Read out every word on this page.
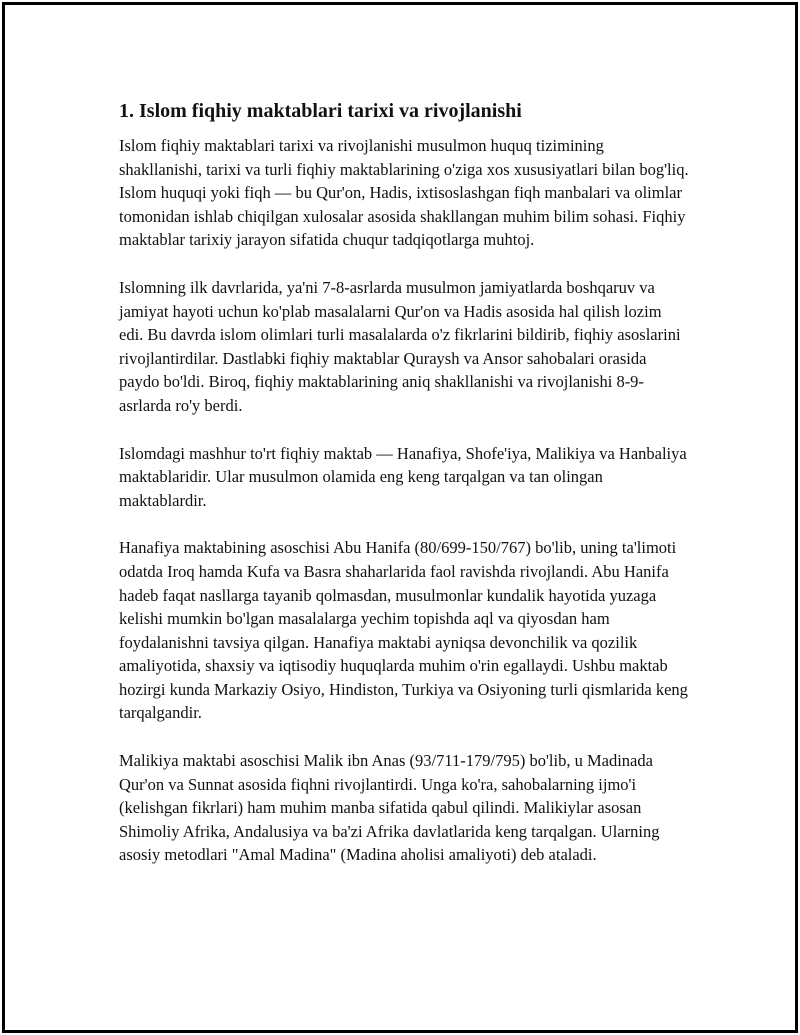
1. Islom fiqhiy maktablari tarixi va rivojlanishi

Islom fiqhiy maktablari tarixi va rivojlanishi musulmon huquq tizimining shakllanishi, tarixi va turli fiqhiy maktablarining o'ziga xos xususiyatlari bilan bog'liq. Islom huquqi yoki fiqh — bu Qur'on, Hadis, ixtisoslashgan fiqh manbalari va olimlar tomonidan ishlab chiqilgan xulosalar asosida shakllangan muhim bilim sohasi. Fiqhiy maktablar tarixiy jarayon sifatida chuqur tadqiqotlarga muhtoj.

Islomning ilk davrlarida, ya'ni 7-8-asrlarda musulmon jamiyatlarda boshqaruv va jamiyat hayoti uchun ko'plab masalalarni Qur'on va Hadis asosida hal qilish lozim edi. Bu davrda islom olimlari turli masalalarda o'z fikrlarini bildirib, fiqhiy asoslarini rivojlantirdilar. Dastlabki fiqhiy maktablar Quraysh va Ansor sahobalari orasida paydo bo'ldi. Biroq, fiqhiy maktablarining aniq shakllanishi va rivojlanishi 8-9-asrlarda ro'y berdi.

Islomdagi mashhur to'rt fiqhiy maktab — Hanafiya, Shofe'iya, Malikiya va Hanbaliya maktablaridir. Ular musulmon olamida eng keng tarqalgan va tan olingan maktablardir.

Hanafiya maktabining asoschisi Abu Hanifa (80/699-150/767) bo'lib, uning ta'limoti odatda Iroq hamda Kufa va Basra shaharlarida faol ravishda rivojlandi. Abu Hanifa hadeb faqat nasllarga tayanib qolmasdan, musulmonlar kundalik hayotida yuzaga kelishi mumkin bo'lgan masalalarga yechim topishda aql va qiyosdan ham foydalanishni tavsiya qilgan. Hanafiya maktabi ayniqsa devonchilik va qozilik amaliyotida, shaxsiy va iqtisodiy huquqlarda muhim o'rin egallaydi. Ushbu maktab hozirgi kunda Markaziy Osiyo, Hindiston, Turkiya va Osiyoning turli qismlarida keng tarqalgandir.

Malikiya maktabi asoschisi Malik ibn Anas (93/711-179/795) bo'lib, u Madinada Qur'on va Sunnat asosida fiqhni rivojlantirdi. Unga ko'ra, sahobalarning ijmo'i (kelishgan fikrlari) ham muhim manba sifatida qabul qilindi. Malikiylar asosan Shimoliy Afrika, Andalusiya va ba'zi Afrika davlatlarida keng tarqalgan. Ularning asosiy metodlari "Amal Madina" (Madina aholisi amaliyoti) deb ataladi.
